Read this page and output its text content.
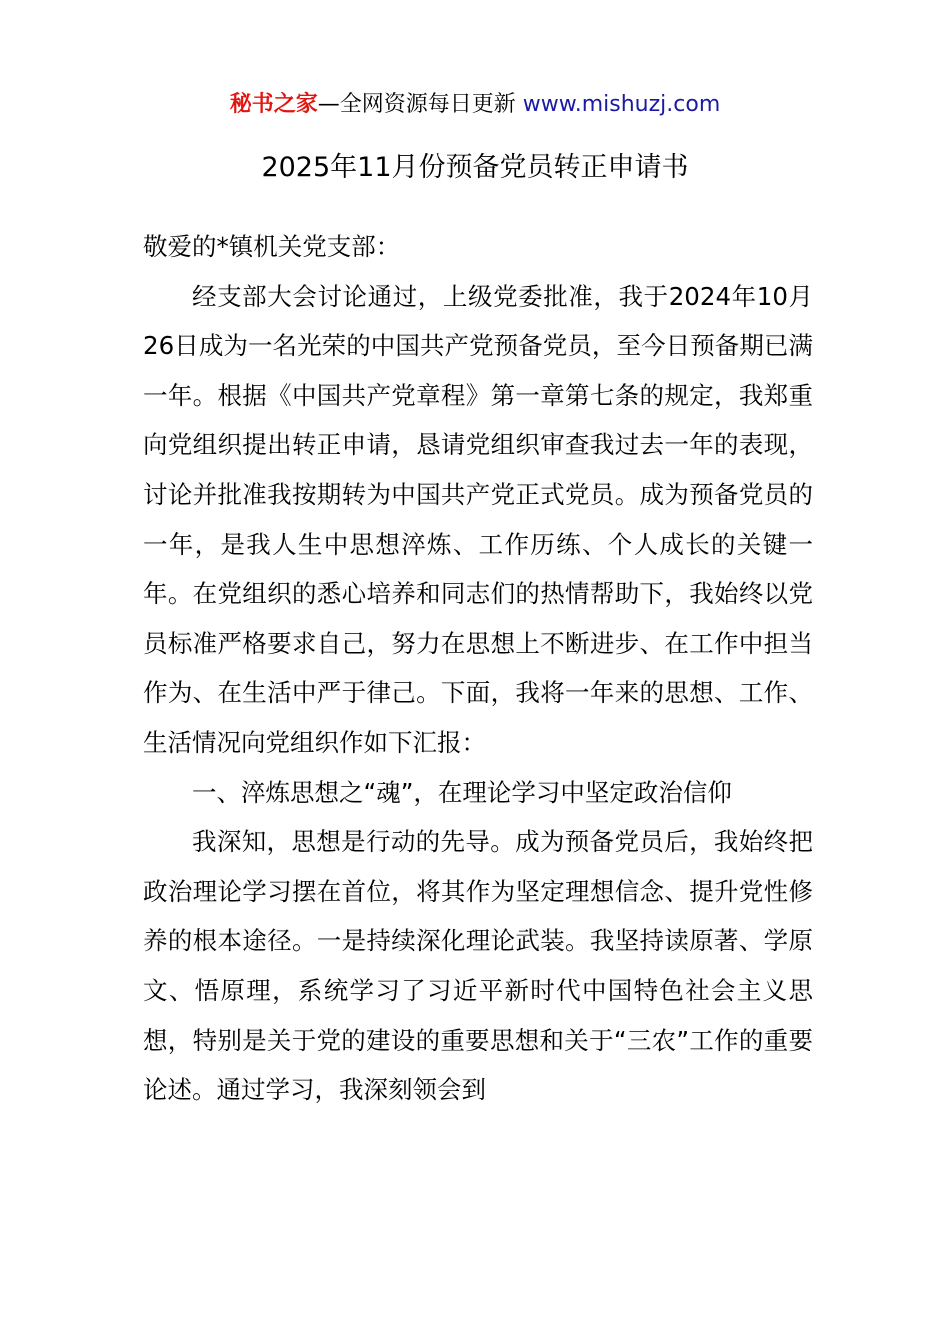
秘书之家—全网资源每日更新 www.mishuzj.com
2025年11月份预备党员转正申请书

敬爱的*镇机关党支部：

经支部大会讨论通过，上级党委批准，我于2024年10月26日成为一名光荣的中国共产党预备党员，至今日预备期已满一年。根据《中国共产党章程》第一章第七条的规定，我郑重向党组织提出转正申请，恳请党组织审查我过去一年的表现，讨论并批准我按期转为中国共产党正式党员。成为预备党员的一年，是我人生中思想淬炼、工作历练、个人成长的关键一年。在党组织的悉心培养和同志们的热情帮助下，我始终以党员标准严格要求自己，努力在思想上不断进步、在工作中担当作为、在生活中严于律己。下面，我将一年来的思想、工作、生活情况向党组织作如下汇报：

一、淬炼思想之“魂”，在理论学习中坚定政治信仰

我深知，思想是行动的先导。成为预备党员后，我始终把政治理论学习摆在首位，将其作为坚定理想信念、提升党性修养的根本途径。一是持续深化理论武装。我坚持读原著、学原文、悟原理，系统学习了习近平新时代中国特色社会主义思想，特别是关于党的建设的重要思想和关于“三农”工作的重要论述。通过学习，我深刻领会到
